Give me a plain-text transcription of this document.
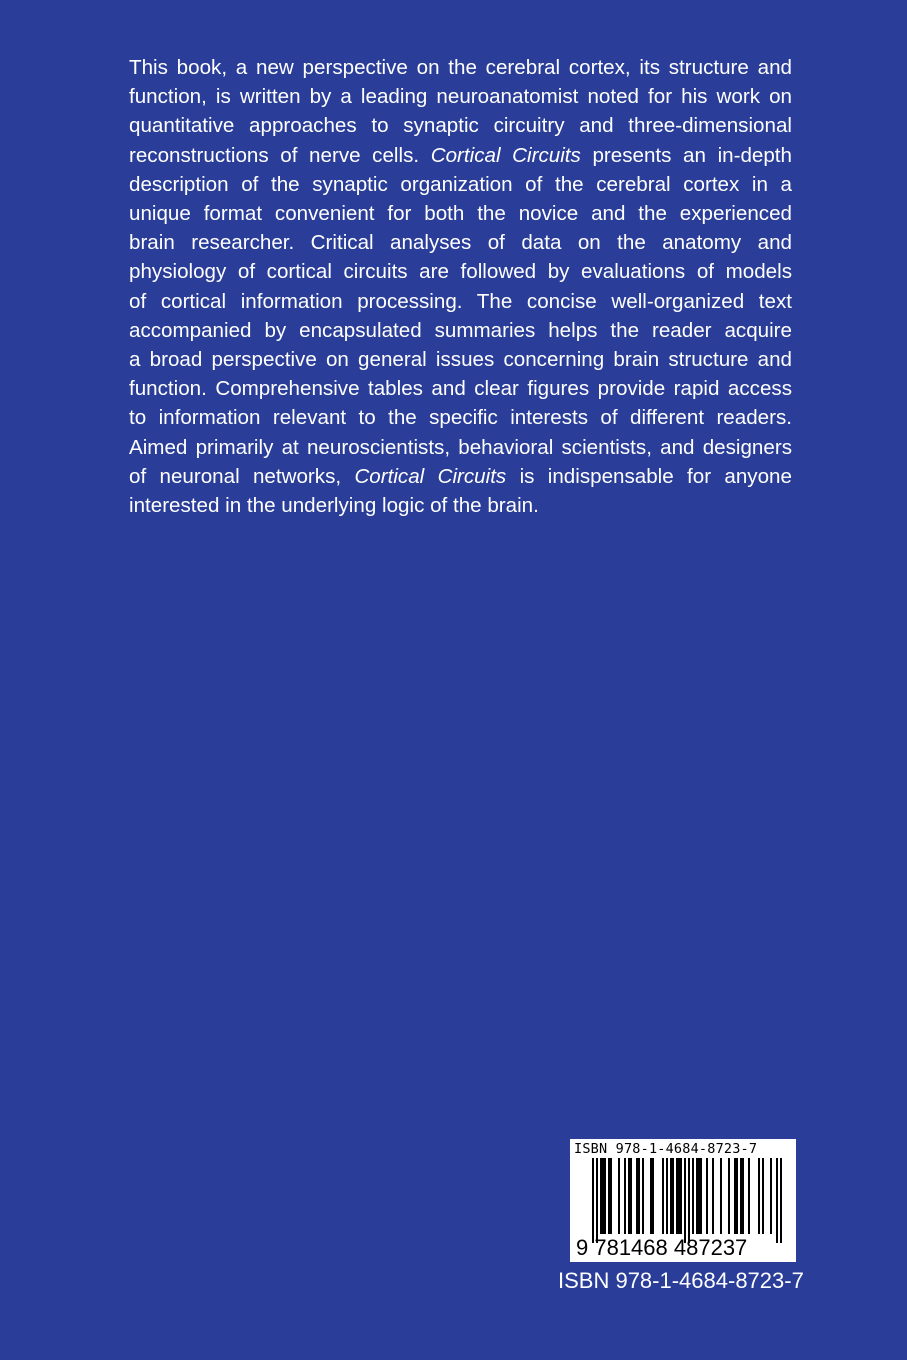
This book, a new perspective on the cerebral cortex, its structure and
function, is written by a leading neuroanatomist noted for his work on
quantitative approaches to synaptic circuitry and three-dimensional
reconstructions of nerve cells. Cortical Circuits presents an in-depth
description of the synaptic organization of the cerebral cortex in a
unique format convenient for both the novice and the experienced
brain researcher. Critical analyses of data on the anatomy and
physiology of cortical circuits are followed by evaluations of models
of cortical information processing. The concise well-organized text
accompanied by encapsulated summaries helps the reader acquire
a broad perspective on general issues concerning brain structure and
function. Comprehensive tables and clear figures provide rapid access
to information relevant to the specific interests of different readers.
Aimed primarily at neuroscientists, behavioral scientists, and designers
of neuronal networks, Cortical Circuits is indispensable for anyone
interested in the underlying logic of the brain.

ISBN 978-1-4684-8723-7
9 781468 487237
ISBN 978-1-4684-8723-7
